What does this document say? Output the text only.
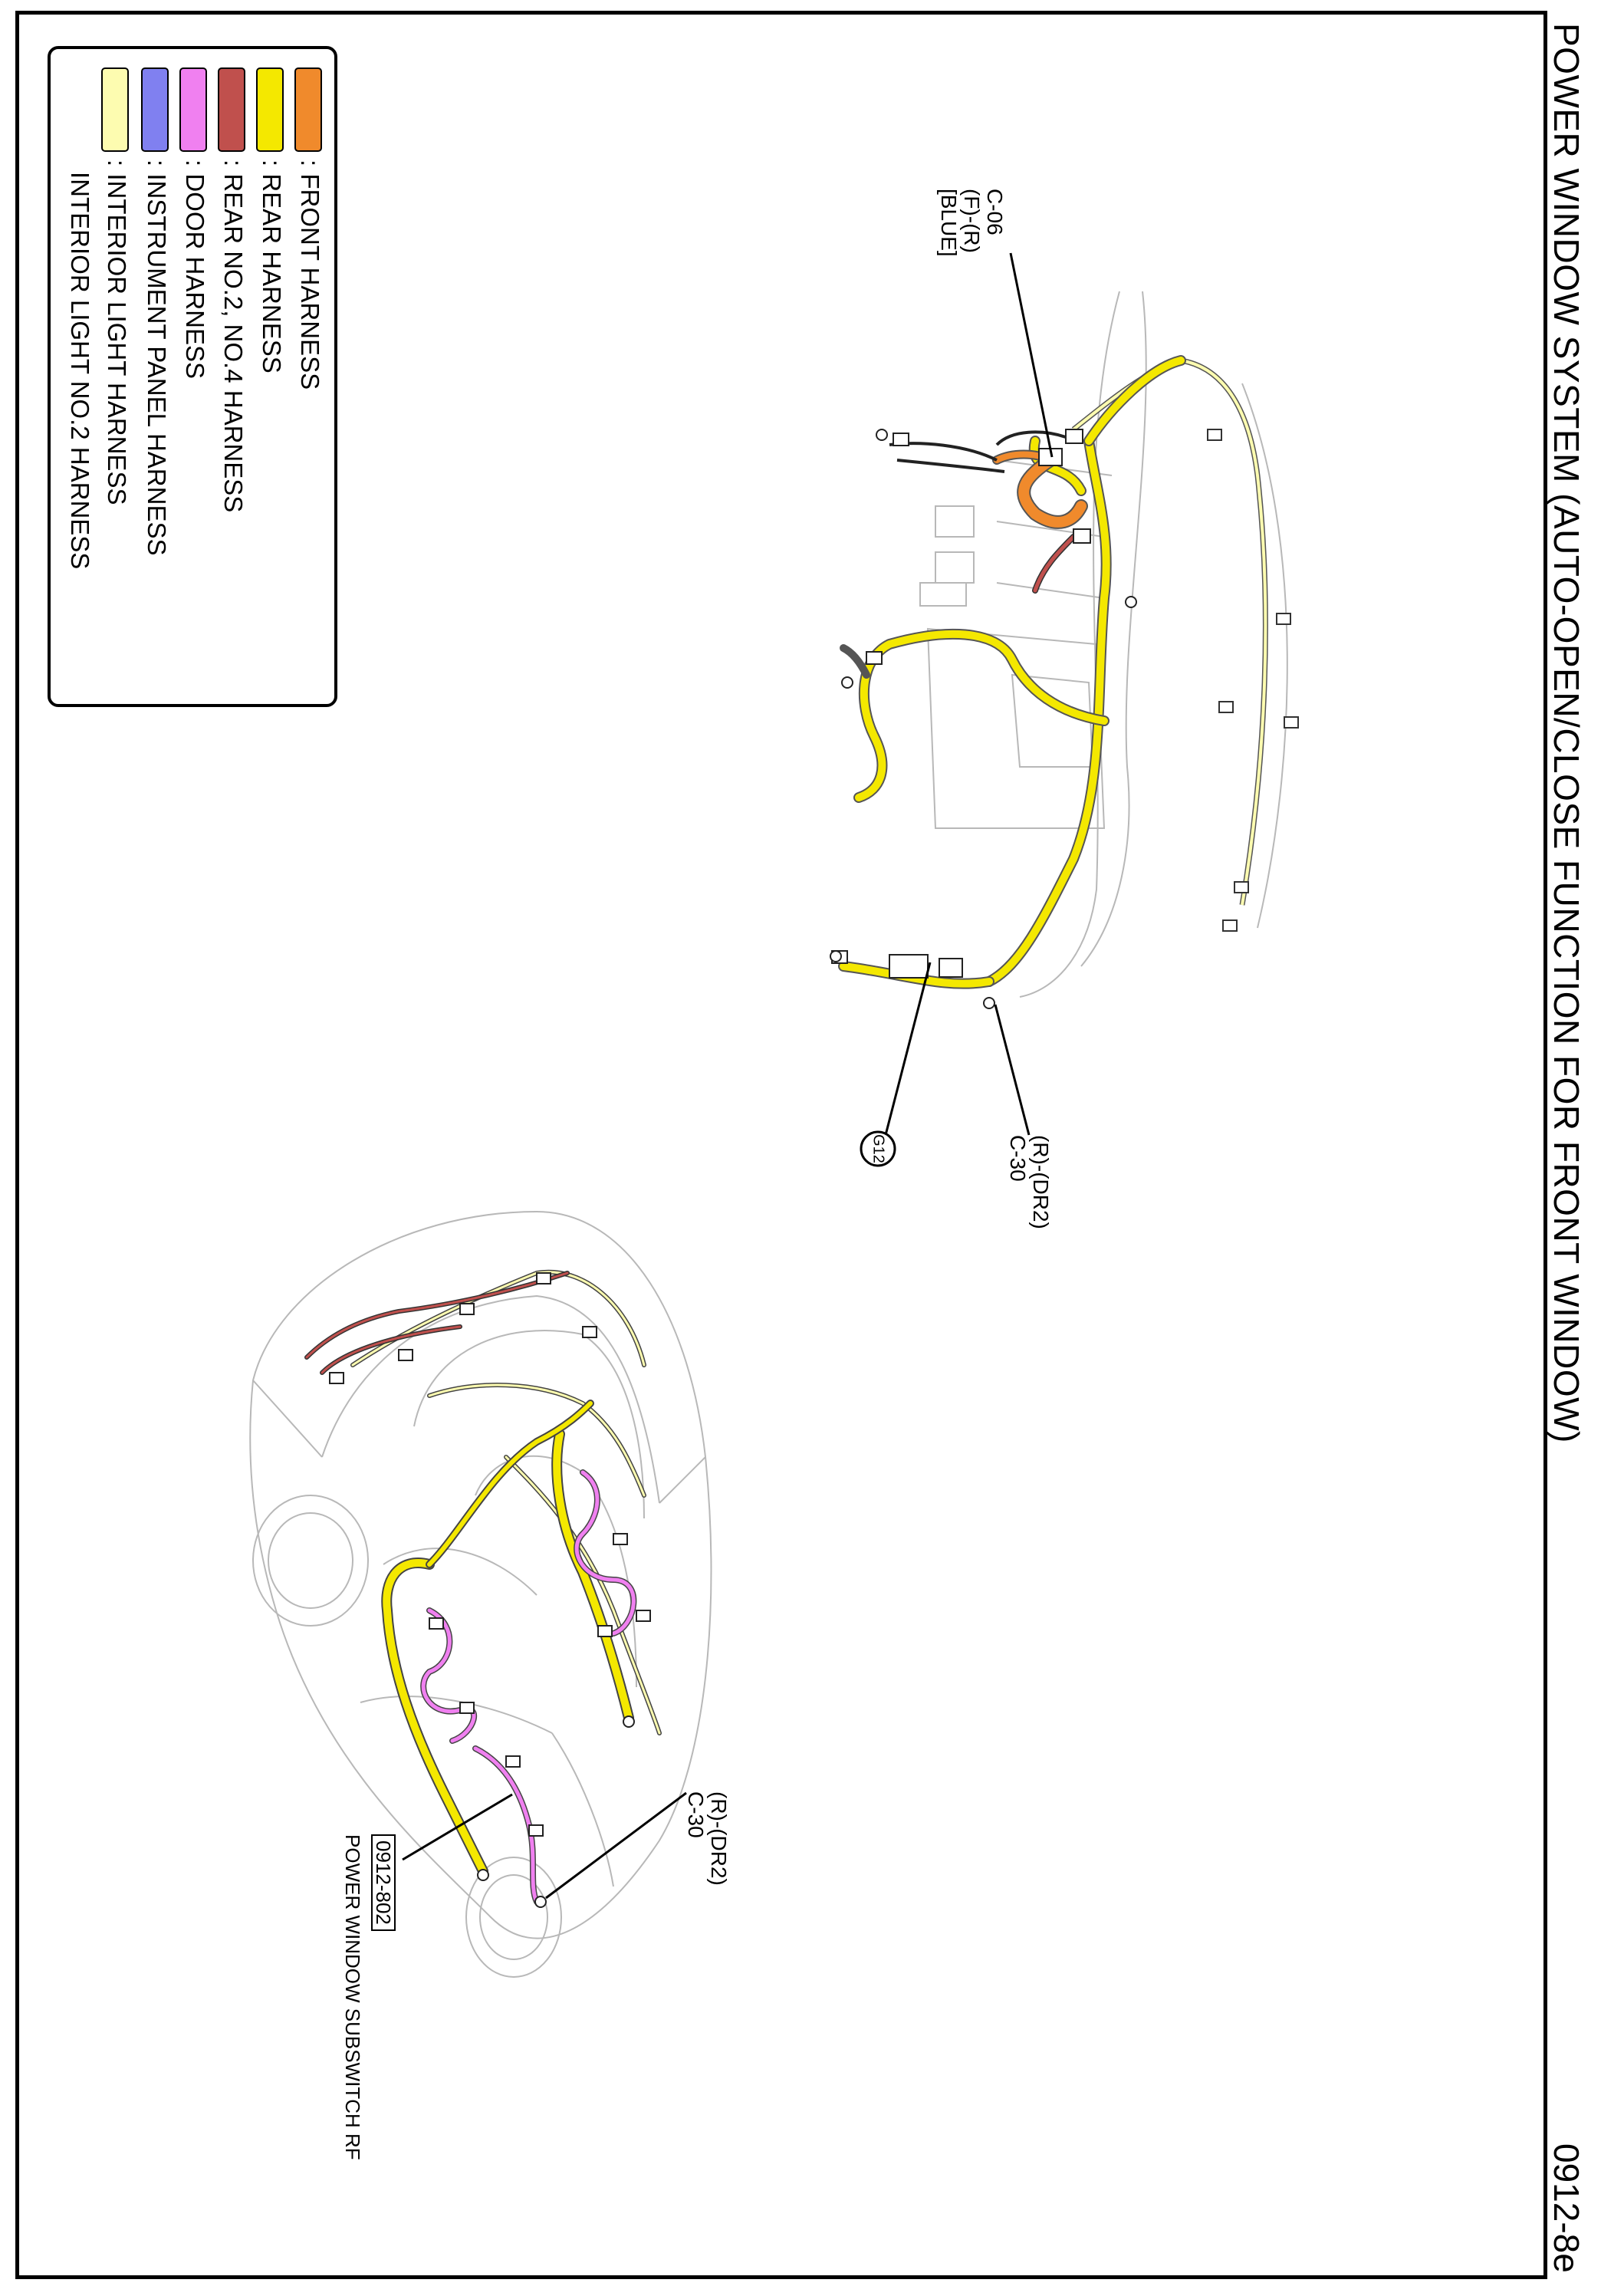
POWER WINDOW SYSTEM (AUTO-OPEN/CLOSE FUNCTION FOR FRONT WINDOW)
0912-8e
: FRONT HARNESS
: REAR HARNESS
: REAR NO.2, NO.4 HARNESS
: DOOR HARNESS
: INSTRUMENT PANEL HARNESS
: INTERIOR LIGHT HARNESS
INTERIOR LIGHT NO.2 HARNESS	C-06
(F)-(R)
[BLUE]
(R)-(DR2)
C-30
(R)-(DR2)
C-30
0912-802
POWER WINDOW SUBSWITCH RF
G12
